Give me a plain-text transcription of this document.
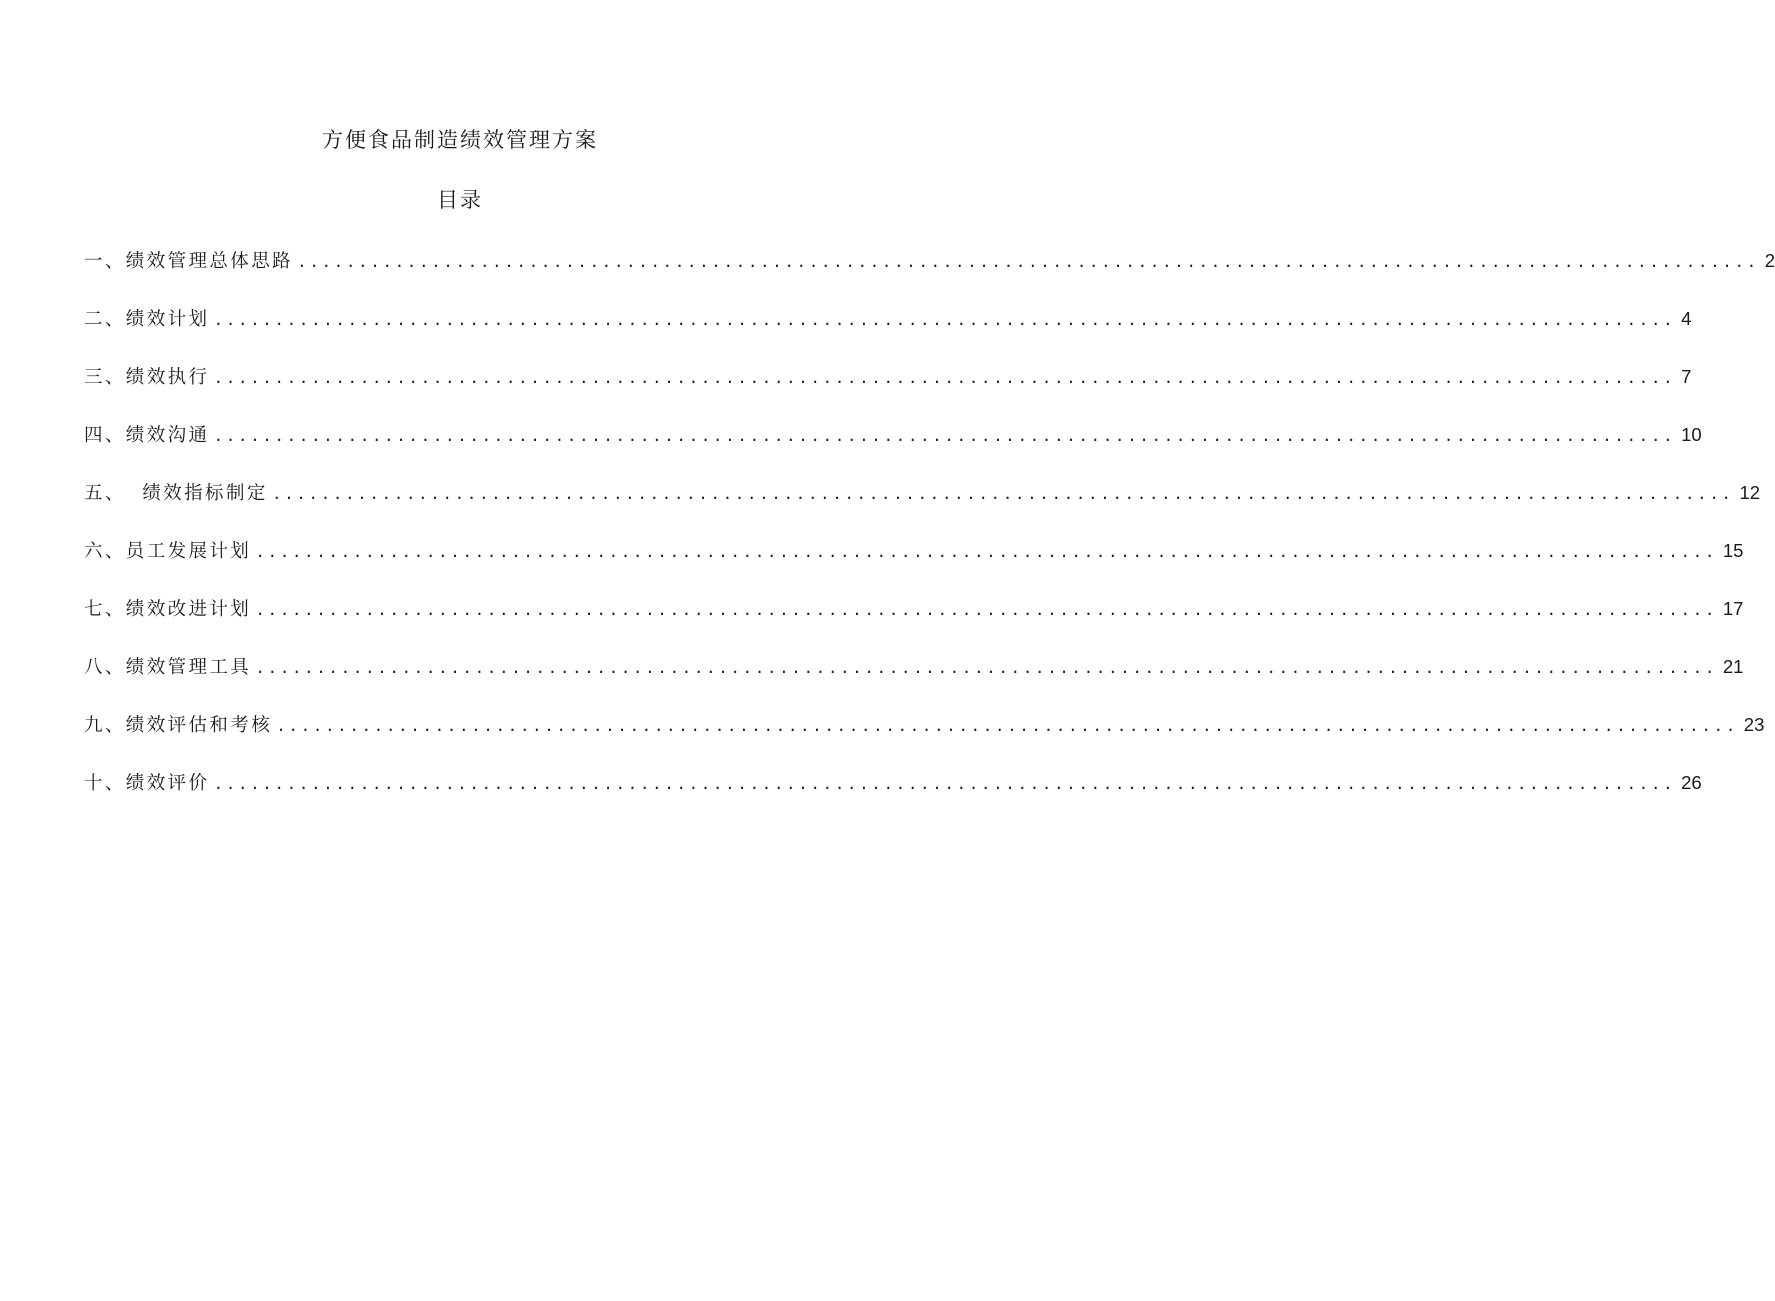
方便食品制造绩效管理方案
目录
一、绩效管理总体思路 ........................................................................................................................ 2
二、绩效计划 ........................................................................................................................ 4
三、绩效执行 ........................................................................................................................ 7
四、绩效沟通 ........................................................................................................................ 10
五、  绩效指标制定 ........................................................................................................................ 12
六、员工发展计划 ........................................................................................................................ 15
七、绩效改进计划 ........................................................................................................................ 17
八、绩效管理工具 ........................................................................................................................ 21
九、绩效评估和考核 ........................................................................................................................ 23
十、绩效评价 ........................................................................................................................ 26
